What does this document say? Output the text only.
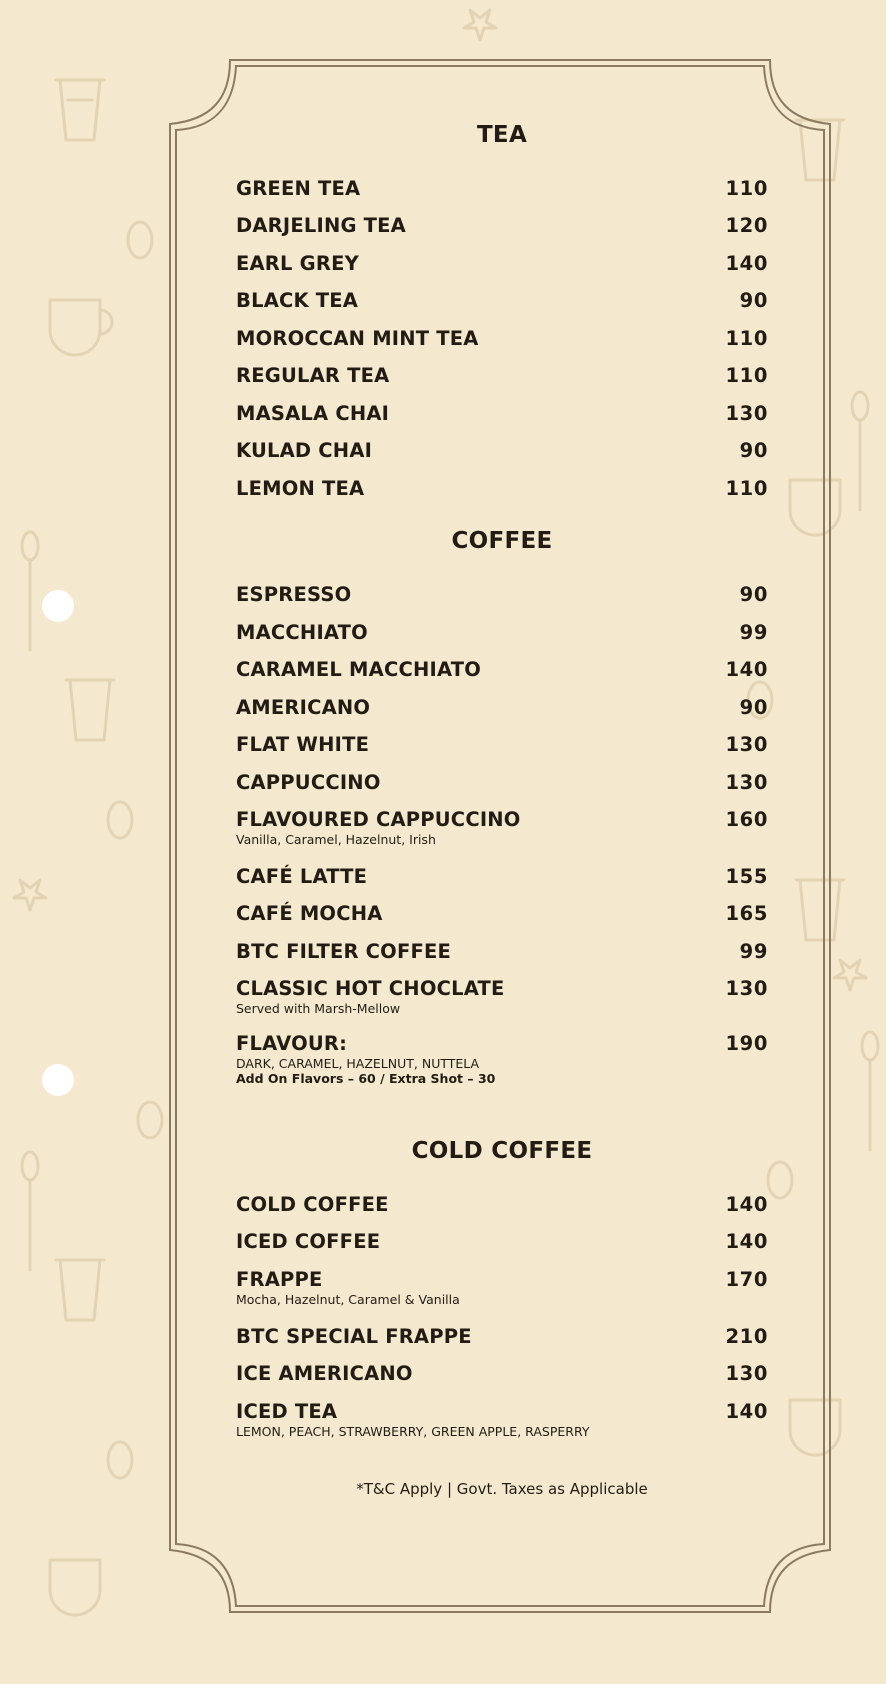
TEA
GREEN TEA	110
DARJELING TEA	120
EARL GREY	140
BLACK TEA	90
MOROCCAN MINT TEA	110
REGULAR TEA	110
MASALA CHAI	130
KULAD CHAI	90
LEMON TEA	110
COFFEE
ESPRESSO	90
MACCHIATO	99
CARAMEL MACCHIATO	140
AMERICANO	90
FLAT WHITE	130
CAPPUCCINO	130
FLAVOURED CAPPUCCINO	160
Vanilla, Caramel, Hazelnut, Irish
CAFÉ LATTE	155
CAFÉ MOCHA	165
BTC FILTER COFFEE	99
CLASSIC HOT CHOCLATE	130
Served with Marsh-Mellow
FLAVOUR:	190
DARK, CARAMEL, HAZELNUT, NUTTELA
Add On Flavors – 60 / Extra Shot – 30
COLD COFFEE
COLD COFFEE	140
ICED COFFEE	140
FRAPPE	170
Mocha, Hazelnut, Caramel & Vanilla
BTC SPECIAL FRAPPE	210
ICE AMERICANO	130
ICED TEA	140
LEMON, PEACH, STRAWBERRY, GREEN APPLE, RASPERRY
*T&C Apply | Govt. Taxes as Applicable
